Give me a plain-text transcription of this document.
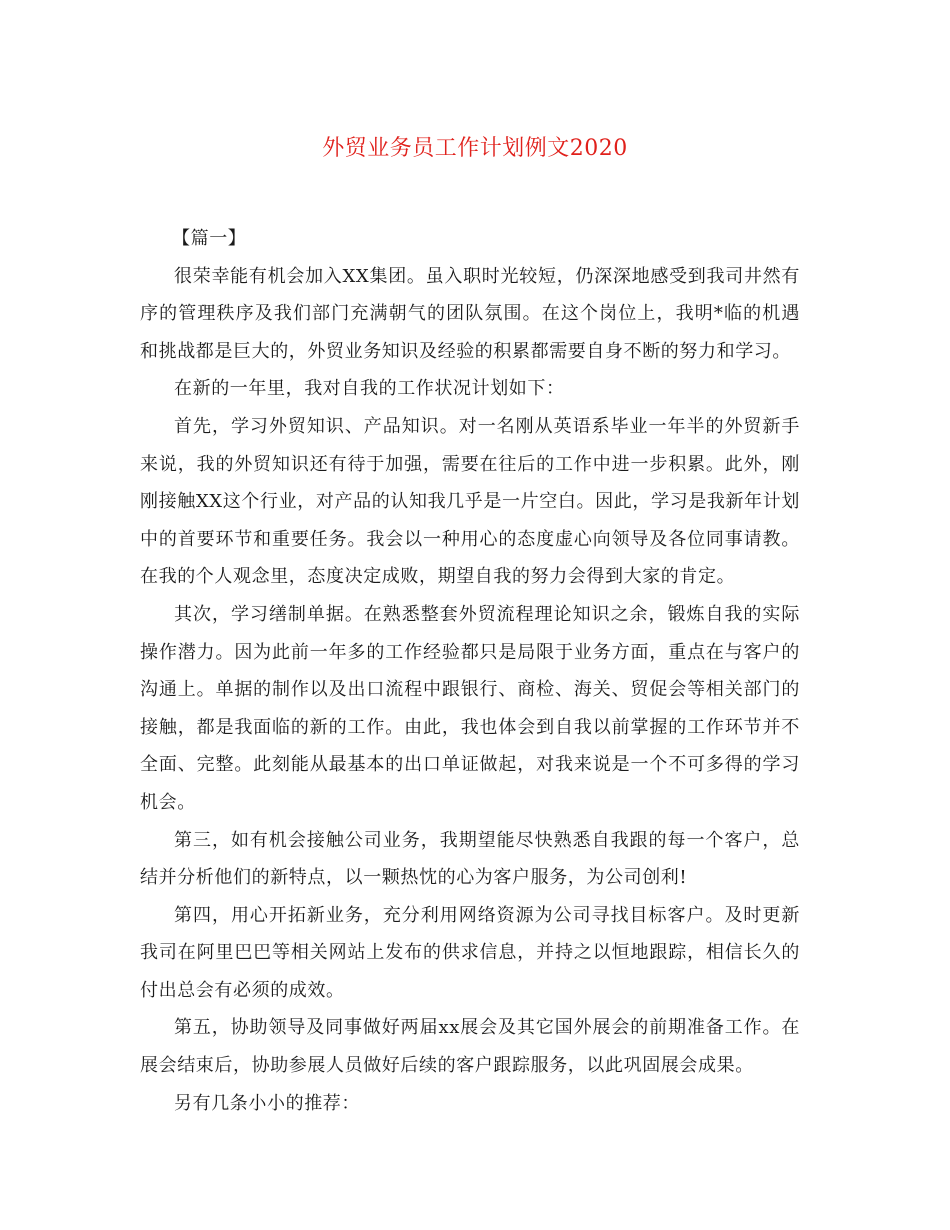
外贸业务员工作计划例文2020

【篇一】

很荣幸能有机会加入XX集团。虽入职时光较短，仍深深地感受到我司井然有序的管理秩序及我们部门充满朝气的团队氛围。在这个岗位上，我明*临的机遇和挑战都是巨大的，外贸业务知识及经验的积累都需要自身不断的努力和学习。

在新的一年里，我对自我的工作状况计划如下：

首先，学习外贸知识、产品知识。对一名刚从英语系毕业一年半的外贸新手来说，我的外贸知识还有待于加强，需要在往后的工作中进一步积累。此外，刚刚接触XX这个行业，对产品的认知我几乎是一片空白。因此，学习是我新年计划中的首要环节和重要任务。我会以一种用心的态度虚心向领导及各位同事请教。在我的个人观念里，态度决定成败，期望自我的努力会得到大家的肯定。

其次，学习缮制单据。在熟悉整套外贸流程理论知识之余，锻炼自我的实际操作潜力。因为此前一年多的工作经验都只是局限于业务方面，重点在与客户的沟通上。单据的制作以及出口流程中跟银行、商检、海关、贸促会等相关部门的接触，都是我面临的新的工作。由此，我也体会到自我以前掌握的工作环节并不全面、完整。此刻能从最基本的出口单证做起，对我来说是一个不可多得的学习机会。

第三，如有机会接触公司业务，我期望能尽快熟悉自我跟的每一个客户，总结并分析他们的新特点，以一颗热忱的心为客户服务，为公司创利!

第四，用心开拓新业务，充分利用网络资源为公司寻找目标客户。及时更新我司在阿里巴巴等相关网站上发布的供求信息，并持之以恒地跟踪，相信长久的付出总会有必须的成效。

第五，协助领导及同事做好两届xx展会及其它国外展会的前期准备工作。在展会结束后，协助参展人员做好后续的客户跟踪服务，以此巩固展会成果。

另有几条小小的推荐：
